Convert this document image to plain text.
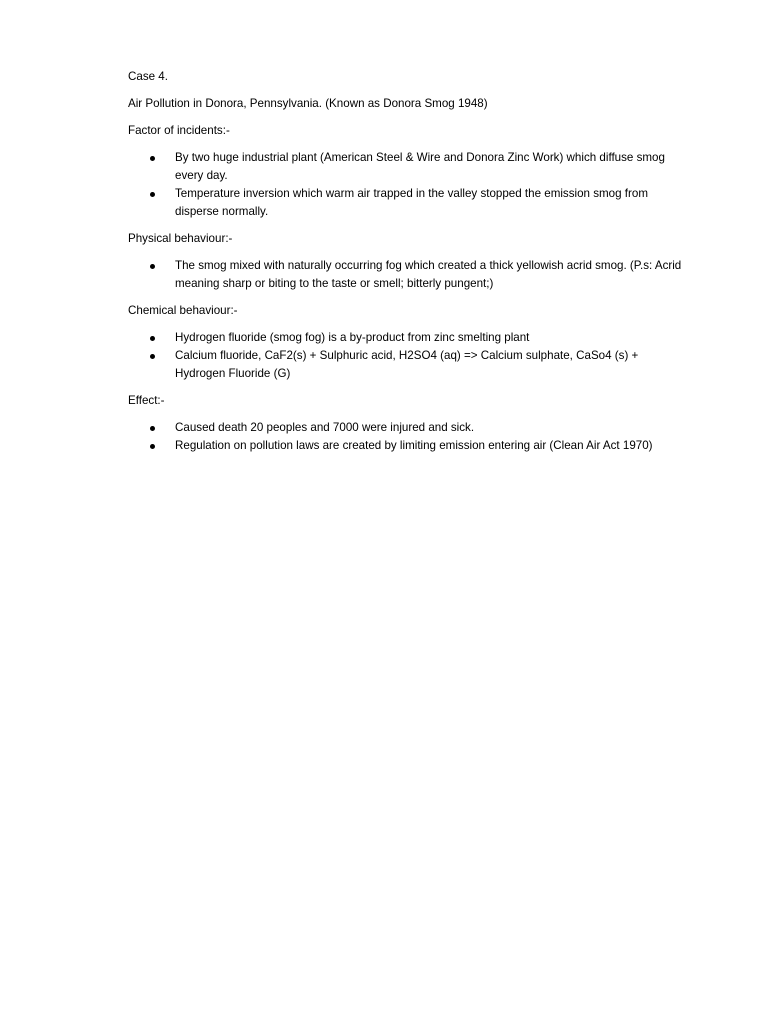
Case 4.

Air Pollution in Donora, Pennsylvania. (Known as Donora Smog 1948)

Factor of incidents:-

By two huge industrial plant (American Steel & Wire and Donora Zinc Work) which diffuse smog every day.
Temperature inversion which warm air trapped in the valley stopped the emission smog from disperse normally.

Physical behaviour:-

The smog mixed with naturally occurring fog which created a thick yellowish acrid smog. (P.s: Acrid meaning sharp or biting to the taste or smell; bitterly pungent;)

Chemical behaviour:-

Hydrogen fluoride (smog fog) is a by-product from zinc smelting plant
Calcium fluoride, CaF2(s) + Sulphuric acid, H2SO4 (aq) => Calcium sulphate, CaSo4 (s) + Hydrogen Fluoride (G)

Effect:-

Caused death 20 peoples and 7000 were injured and sick.
Regulation on pollution laws are created by limiting emission entering air (Clean Air Act 1970)
